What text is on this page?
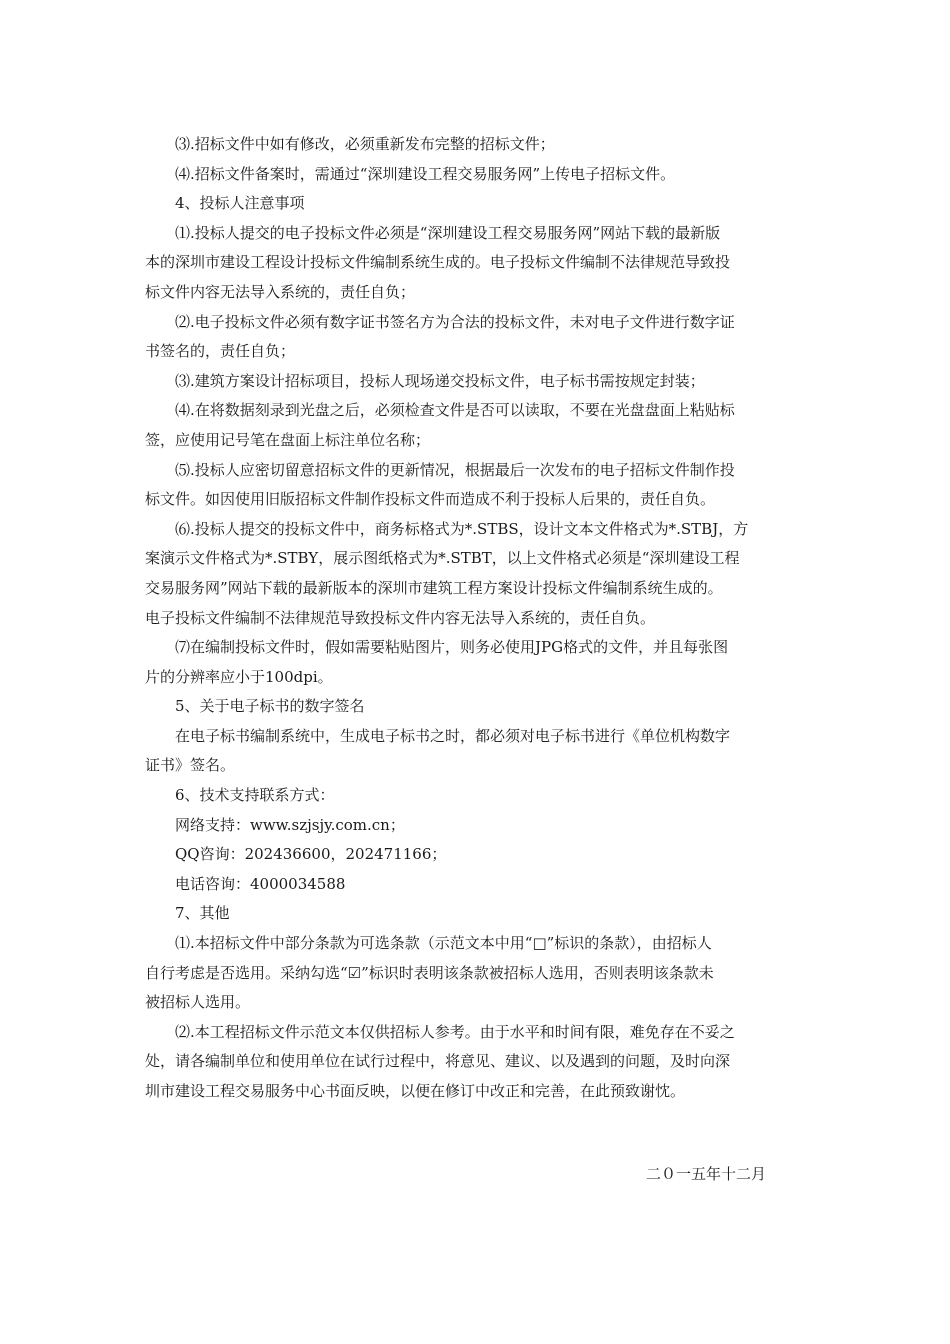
⑶.招标文件中如有修改，必须重新发布完整的招标文件；
⑷.招标文件备案时，需通过“深圳建设工程交易服务网”上传电子招标文件。
4、投标人注意事项
⑴.投标人提交的电子投标文件必须是“深圳建设工程交易服务网”网站下载的最新版
本的深圳市建设工程设计投标文件编制系统生成的。电子投标文件编制不法律规范导致投
标文件内容无法导入系统的，责任自负；
⑵.电子投标文件必须有数字证书签名方为合法的投标文件，未对电子文件进行数字证
书签名的，责任自负；
⑶.建筑方案设计招标项目，投标人现场递交投标文件，电子标书需按规定封装；
⑷.在将数据刻录到光盘之后，必须检查文件是否可以读取，不要在光盘盘面上粘贴标
签，应使用记号笔在盘面上标注单位名称；
⑸.投标人应密切留意招标文件的更新情况，根据最后一次发布的电子招标文件制作投
标文件。如因使用旧版招标文件制作投标文件而造成不利于投标人后果的，责任自负。
⑹.投标人提交的投标文件中，商务标格式为*.STBS，设计文本文件格式为*.STBJ，方
案演示文件格式为*.STBY，展示图纸格式为*.STBT，以上文件格式必须是“深圳建设工程
交易服务网”网站下载的最新版本的深圳市建筑工程方案设计投标文件编制系统生成的。
电子投标文件编制不法律规范导致投标文件内容无法导入系统的，责任自负。
⑺在编制投标文件时，假如需要粘贴图片，则务必使用JPG格式的文件，并且每张图
片的分辨率应小于100dpi。
5、关于电子标书的数字签名
在电子标书编制系统中，生成电子标书之时，都必须对电子标书进行《单位机构数字
证书》签名。
6、技术支持联系方式：
网络支持：www.szjsjy.com.cn；
QQ咨询：202436600，202471166；
电话咨询：4000034588
7、其他
⑴.本招标文件中部分条款为可选条款（示范文本中用“□”标识的条款），由招标人
自行考虑是否选用。采纳勾选“☑”标识时表明该条款被招标人选用，否则表明该条款未
被招标人选用。
⑵.本工程招标文件示范文本仅供招标人参考。由于水平和时间有限，难免存在不妥之
处，请各编制单位和使用单位在试行过程中，将意见、建议、以及遇到的问题，及时向深
圳市建设工程交易服务中心书面反映，以便在修订中改正和完善，在此预致谢忱。
二０一五年十二月
